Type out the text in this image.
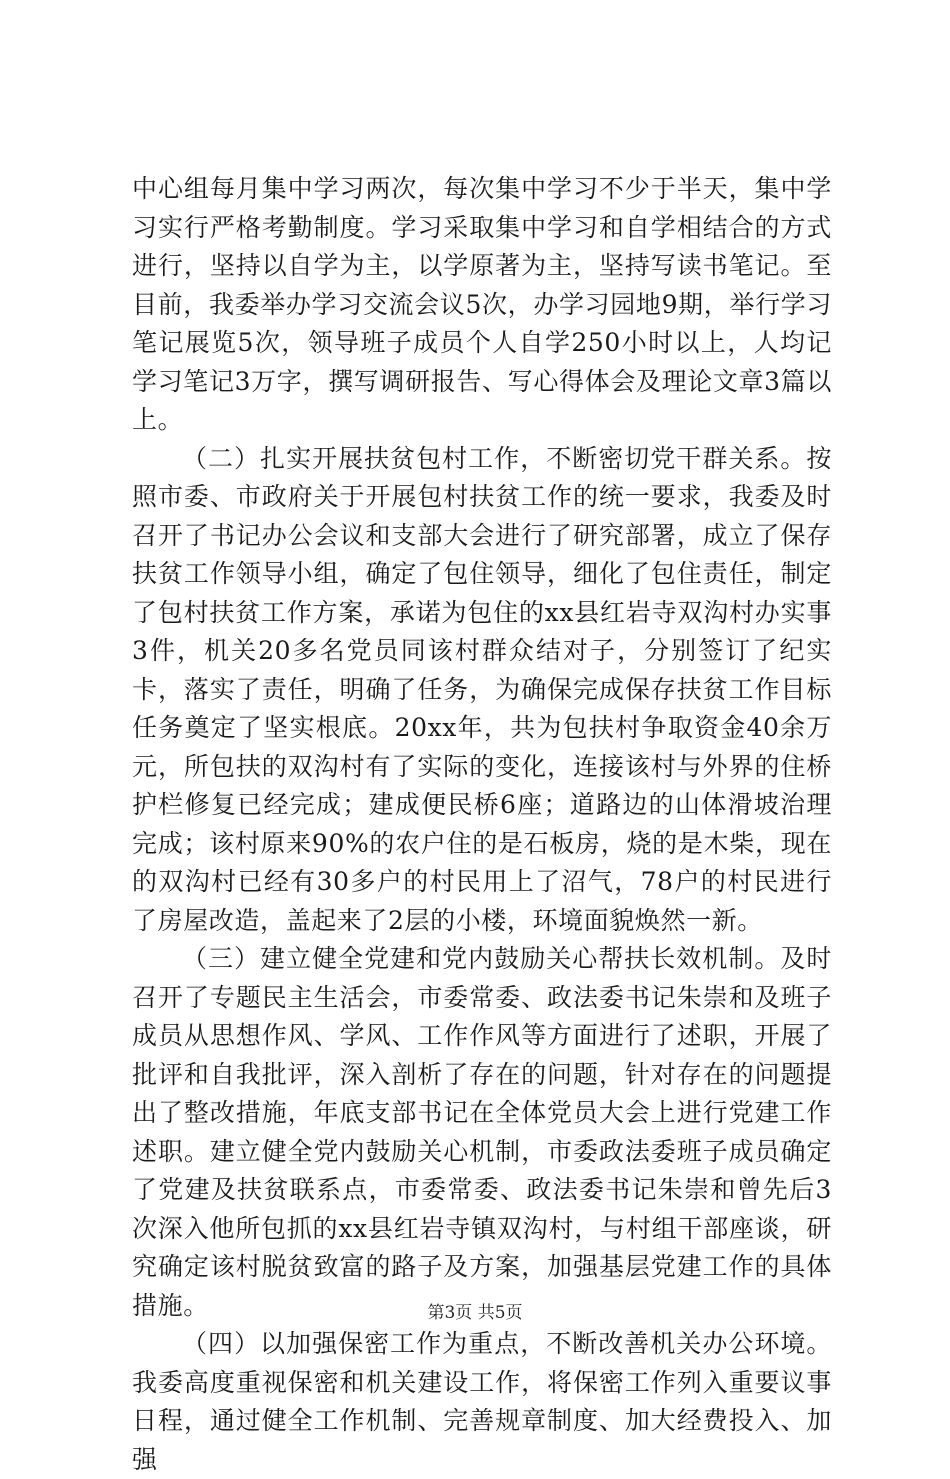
中心组每月集中学习两次，每次集中学习不少于半天，集中学习实行严格考勤制度。学习采取集中学习和自学相结合的方式进行，坚持以自学为主，以学原著为主，坚持写读书笔记。至目前，我委举办学习交流会议5次，办学习园地9期，举行学习笔记展览5次，领导班子成员个人自学250小时以上，人均记学习笔记3万字，撰写调研报告、写心得体会及理论文章3篇以上。

（二）扎实开展扶贫包村工作，不断密切党干群关系。按照市委、市政府关于开展包村扶贫工作的统一要求，我委及时召开了书记办公会议和支部大会进行了研究部署，成立了保存扶贫工作领导小组，确定了包住领导，细化了包住责任，制定了包村扶贫工作方案，承诺为包住的xx县红岩寺双沟村办实事3件，机关20多名党员同该村群众结对子，分别签订了纪实卡，落实了责任，明确了任务，为确保完成保存扶贫工作目标任务奠定了坚实根底。20xx年，共为包扶村争取资金40余万元，所包扶的双沟村有了实际的变化，连接该村与外界的住桥护栏修复已经完成；建成便民桥6座；道路边的山体滑坡治理完成；该村原来90%的农户住的是石板房，烧的是木柴，现在的双沟村已经有30多户的村民用上了沼气，78户的村民进行了房屋改造，盖起来了2层的小楼，环境面貌焕然一新。

（三）建立健全党建和党内鼓励关心帮扶长效机制。及时召开了专题民主生活会，市委常委、政法委书记朱崇和及班子成员从思想作风、学风、工作作风等方面进行了述职，开展了批评和自我批评，深入剖析了存在的问题，针对存在的问题提出了整改措施，年底支部书记在全体党员大会上进行党建工作述职。建立健全党内鼓励关心机制，市委政法委班子成员确定了党建及扶贫联系点，市委常委、政法委书记朱崇和曾先后3次深入他所包抓的xx县红岩寺镇双沟村，与村组干部座谈，研究确定该村脱贫致富的路子及方案，加强基层党建工作的具体措施。

（四）以加强保密工作为重点，不断改善机关办公环境。我委高度重视保密和机关建设工作，将保密工作列入重要议事日程，通过健全工作机制、完善规章制度、加大经费投入、加强

第3页 共5页
